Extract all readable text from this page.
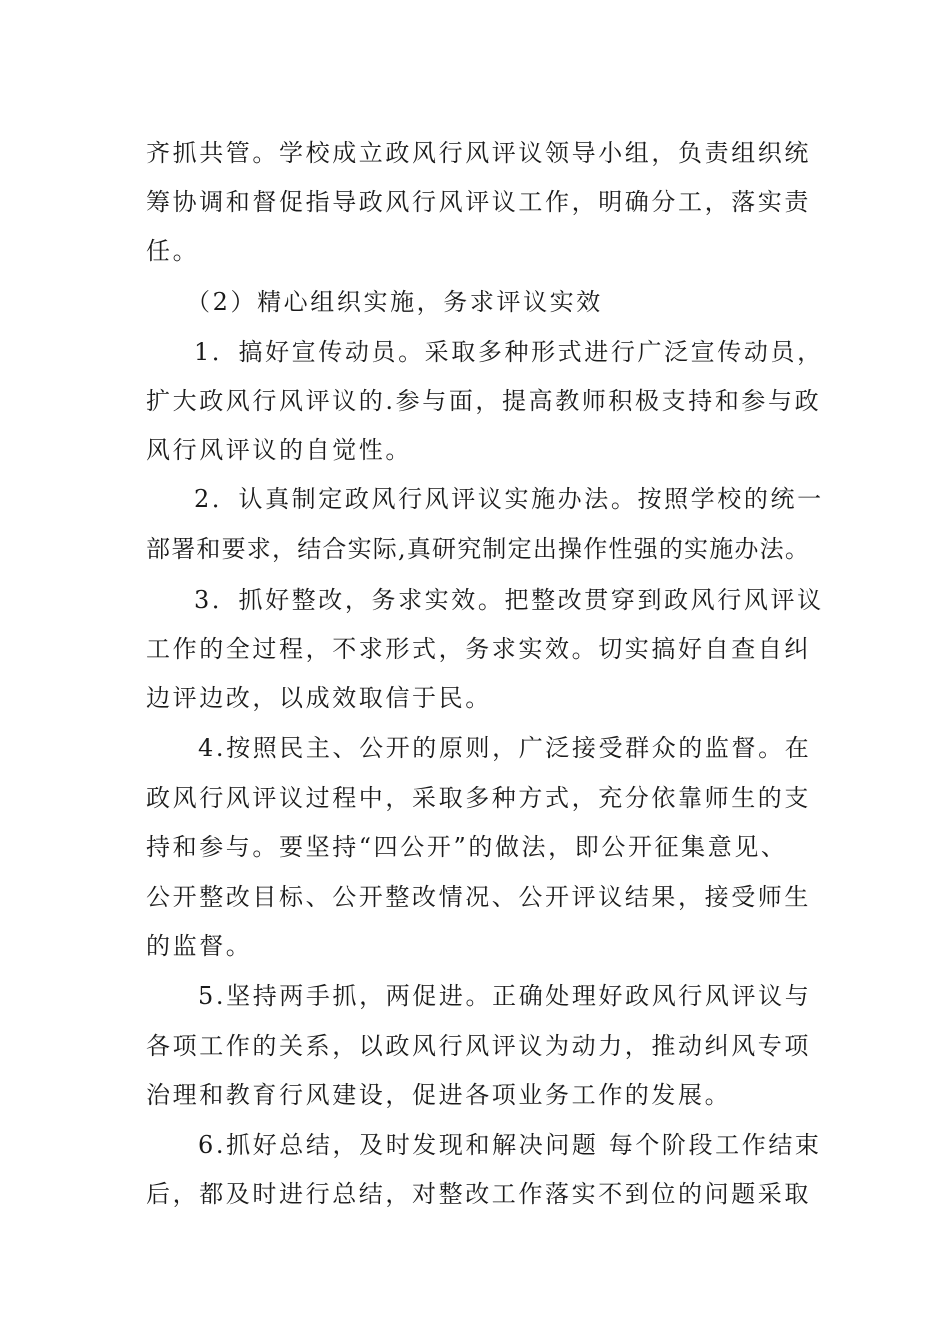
齐抓共管。学校成立政风行风评议领导小组，负责组织统
筹协调和督促指导政风行风评议工作，明确分工，落实责
任。
（2）精心组织实施，务求评议实效
1．搞好宣传动员。采取多种形式进行广泛宣传动员，
扩大政风行风评议的.参与面，提高教师积极支持和参与政
风行风评议的自觉性。
2．认真制定政风行风评议实施办法。按照学校的统一
部署和要求，结合实际,真研究制定出操作性强的实施办法。
3．抓好整改，务求实效。把整改贯穿到政风行风评议
工作的全过程，不求形式，务求实效。切实搞好自查自纠
边评边改，以成效取信于民。
4.按照民主、公开的原则，广泛接受群众的监督。在
政风行风评议过程中，采取多种方式，充分依靠师生的支
持和参与。要坚持“四公开”的做法，即公开征集意见、
公开整改目标、公开整改情况、公开评议结果，接受师生
的监督。
5.坚持两手抓，两促进。正确处理好政风行风评议与
各项工作的关系，以政风行风评议为动力，推动纠风专项
治理和教育行风建设，促进各项业务工作的发展。
6.抓好总结，及时发现和解决问题 每个阶段工作结束
后，都及时进行总结，对整改工作落实不到位的问题采取
